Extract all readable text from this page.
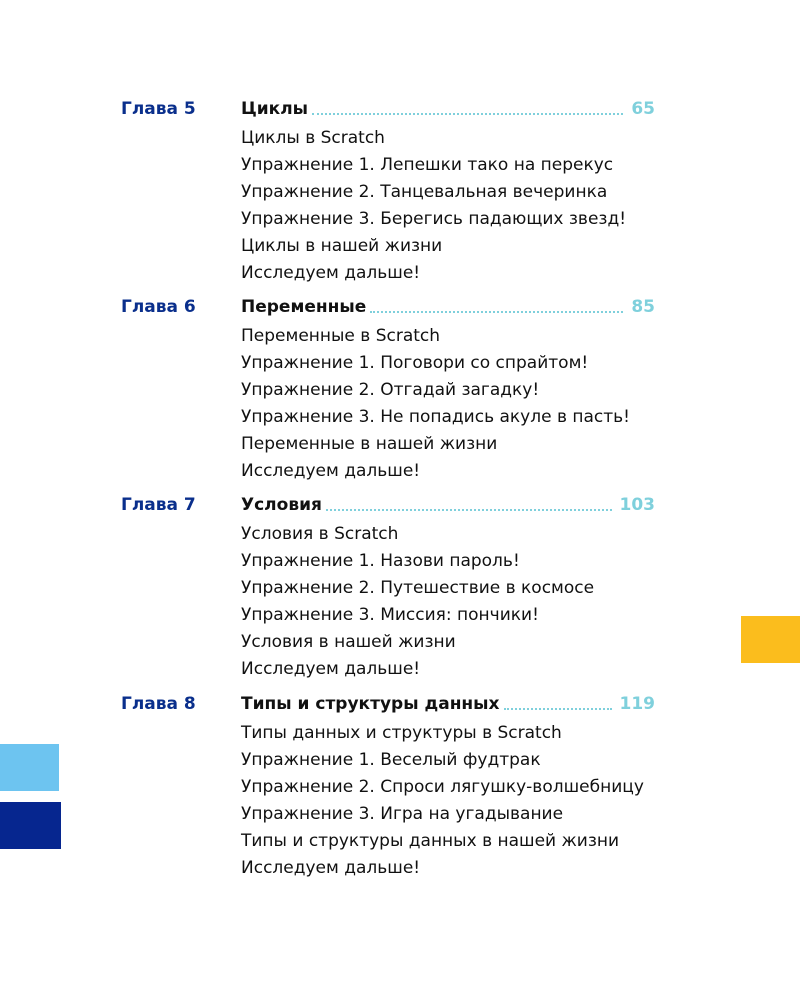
Глава 5	Циклы	65
Циклы в Scratch
Упражнение 1. Лепешки тако на перекус
Упражнение 2. Танцевальная вечеринка
Упражнение 3. Берегись падающих звезд!
Циклы в нашей жизни
Исследуем дальше!
Глава 6	Переменные	85
Переменные в Scratch
Упражнение 1. Поговори со спрайтом!
Упражнение 2. Отгадай загадку!
Упражнение 3. Не попадись акуле в пасть!
Переменные в нашей жизни
Исследуем дальше!
Глава 7	Условия	103
Условия в Scratch
Упражнение 1. Назови пароль!
Упражнение 2. Путешествие в космосе
Упражнение 3. Миссия: пончики!
Условия в нашей жизни
Исследуем дальше!
Глава 8	Типы и структуры данных	119
Типы данных и структуры в Scratch
Упражнение 1. Веселый фудтрак
Упражнение 2. Спроси лягушку-волшебницу
Упражнение 3. Игра на угадывание
Типы и структуры данных в нашей жизни
Исследуем дальше!
